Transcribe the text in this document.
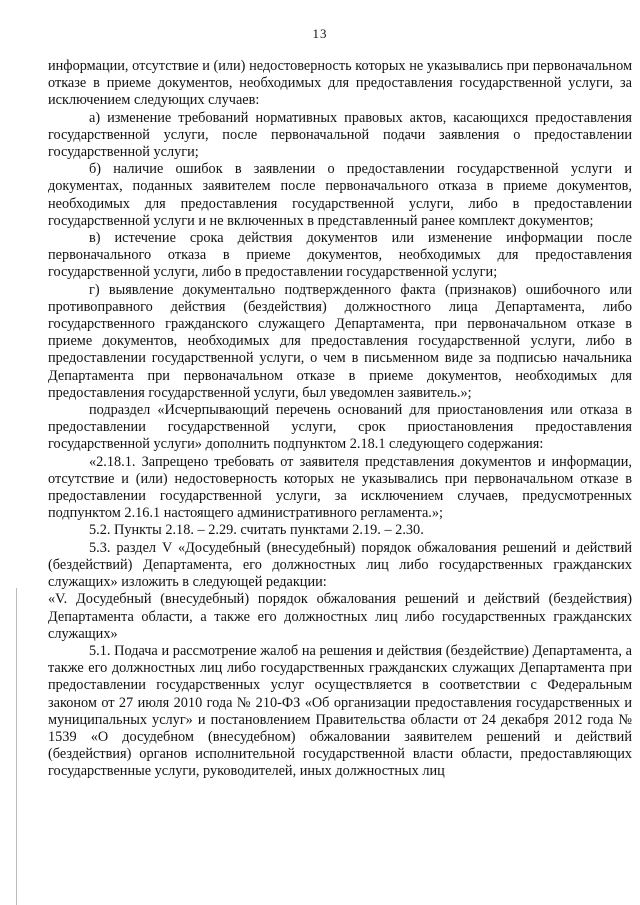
13

информации, отсутствие и (или) недостоверность которых не указывались при первоначальном отказе в приеме документов, необходимых для предоставления государственной услуги, за исключением следующих случаев:

а) изменение требований нормативных правовых актов, касающихся предоставления государственной услуги, после первоначальной подачи заявления о предоставлении государственной услуги;

б) наличие ошибок в заявлении о предоставлении государственной услуги и документах, поданных заявителем после первоначального отказа в приеме документов, необходимых для предоставления государственной услуги, либо в предоставлении государственной услуги и не включенных в представленный ранее комплект документов;

в) истечение срока действия документов или изменение информации после первоначального отказа в приеме документов, необходимых для предоставления государственной услуги, либо в предоставлении государственной услуги;

г) выявление документально подтвержденного факта (признаков) ошибочного или противоправного действия (бездействия) должностного лица Департамента, либо государственного гражданского служащего Департамента, при первоначальном отказе в приеме документов, необходимых для предоставления государственной услуги, либо в предоставлении государственной услуги, о чем в письменном виде за подписью начальника Департамента при первоначальном отказе в приеме документов, необходимых для предоставления государственной услуги, был уведомлен заявитель.»;

подраздел «Исчерпывающий перечень оснований для приостановления или отказа в предоставлении государственной услуги, срок приостановления предоставления государственной услуги» дополнить подпунктом 2.18.1 следующего содержания:

«2.18.1. Запрещено требовать от заявителя представления документов и информации, отсутствие и (или) недостоверность которых не указывались при первоначальном отказе в предоставлении государственной услуги, за исключением случаев, предусмотренных подпунктом 2.16.1 настоящего административного регламента.»;

5.2. Пункты 2.18. – 2.29. считать пунктами 2.19. – 2.30.

5.3. раздел V «Досудебный (внесудебный) порядок обжалования решений и действий (бездействий) Департамента, его должностных лиц либо государственных гражданских служащих» изложить в следующей редакции:

«V. Досудебный (внесудебный) порядок обжалования решений и действий (бездействия) Департамента области, а также его должностных лиц либо государственных гражданских служащих»

5.1. Подача и рассмотрение жалоб на решения и действия (бездействие) Департамента, а также его должностных лиц либо государственных гражданских служащих Департамента при предоставлении государственных услуг осуществляется в соответствии с Федеральным законом от 27 июля 2010 года № 210-ФЗ «Об организации предоставления государственных и муниципальных услуг» и постановлением Правительства области от 24 декабря 2012 года № 1539 «О досудебном (внесудебном) обжаловании заявителем решений и действий (бездействия) органов исполнительной государственной власти области, предоставляющих государственные услуги, руководителей, иных должностных лиц
